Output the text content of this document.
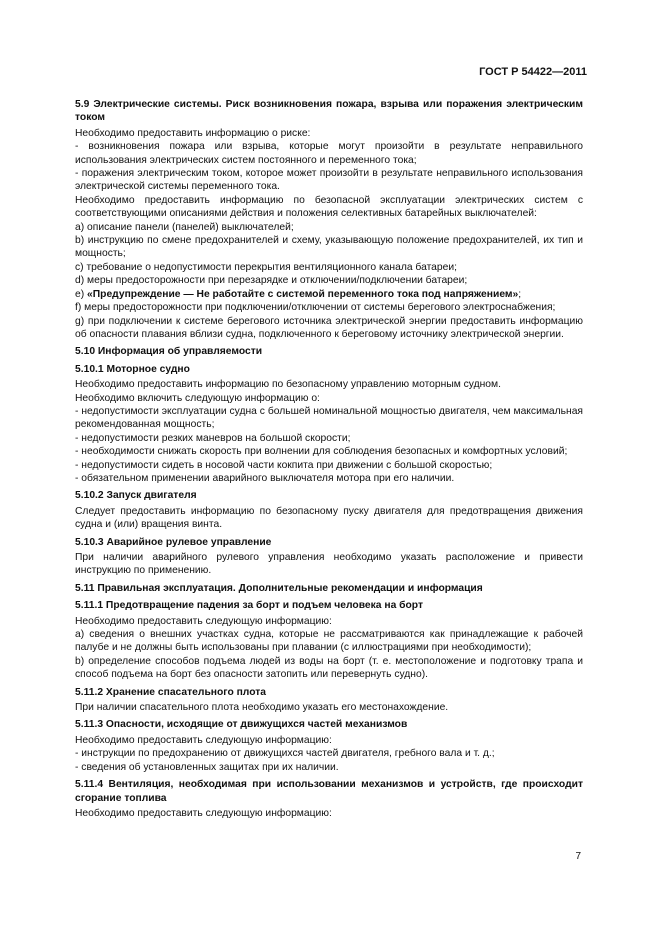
ГОСТ Р 54422—2011

5.9 Электрические системы. Риск возникновения пожара, взрыва или поражения электрическим током

Необходимо предоставить информацию о риске:

- возникновения пожара или взрыва, которые могут произойти в результате неправильного использования электрических систем постоянного и переменного тока;

- поражения электрическим током, которое может произойти в результате неправильного использования электрической системы переменного тока.

Необходимо предоставить информацию по безопасной эксплуатации электрических систем с соответствующими описаниями действия и положения селективных батарейных выключателей:

a) описание панели (панелей) выключателей;

b) инструкцию по смене предохранителей и схему, указывающую положение предохранителей, их тип и мощность;

c) требование о недопустимости перекрытия вентиляционного канала батареи;

d) меры предосторожности при перезарядке и отключении/подключении батареи;

e) «Предупреждение — Не работайте с системой переменного тока под напряжением»;

f) меры предосторожности при подключении/отключении от системы берегового электроснабжения;

g) при подключении к системе берегового источника электрической энергии предоставить информацию об опасности плавания вблизи судна, подключенного к береговому источнику электрической энергии.

5.10 Информация об управляемости

5.10.1 Моторное судно

Необходимо предоставить информацию по безопасному управлению моторным судном.

Необходимо включить следующую информацию о:

- недопустимости эксплуатации судна с большей номинальной мощностью двигателя, чем максимальная рекомендованная мощность;

- недопустимости резких маневров на большой скорости;

- необходимости снижать скорость при волнении для соблюдения безопасных и комфортных условий;

- недопустимости сидеть в носовой части кокпита при движении с большой скоростью;

- обязательном применении аварийного выключателя мотора при его наличии.

5.10.2 Запуск двигателя

Следует предоставить информацию по безопасному пуску двигателя для предотвращения движения судна и (или) вращения винта.

5.10.3 Аварийное рулевое управление

При наличии аварийного рулевого управления необходимо указать расположение и привести инструкцию по применению.

5.11 Правильная эксплуатация. Дополнительные рекомендации и информация

5.11.1 Предотвращение падения за борт и подъем человека на борт

Необходимо предоставить следующую информацию:

a) сведения о внешних участках судна, которые не рассматриваются как принадлежащие к рабочей палубе и не должны быть использованы при плавании (с иллюстрациями при необходимости);

b) определение способов подъема людей из воды на борт (т. е. местоположение и подготовку трапа и способ подъема на борт без опасности затопить или перевернуть судно).

5.11.2 Хранение спасательного плота

При наличии спасательного плота необходимо указать его местонахождение.

5.11.3 Опасности, исходящие от движущихся частей механизмов

Необходимо предоставить следующую информацию:

- инструкции по предохранению от движущихся частей двигателя, гребного вала и т. д.;

- сведения об установленных защитах при их наличии.

5.11.4 Вентиляция, необходимая при использовании механизмов и устройств, где происходит сгорание топлива

Необходимо предоставить следующую информацию:

7
